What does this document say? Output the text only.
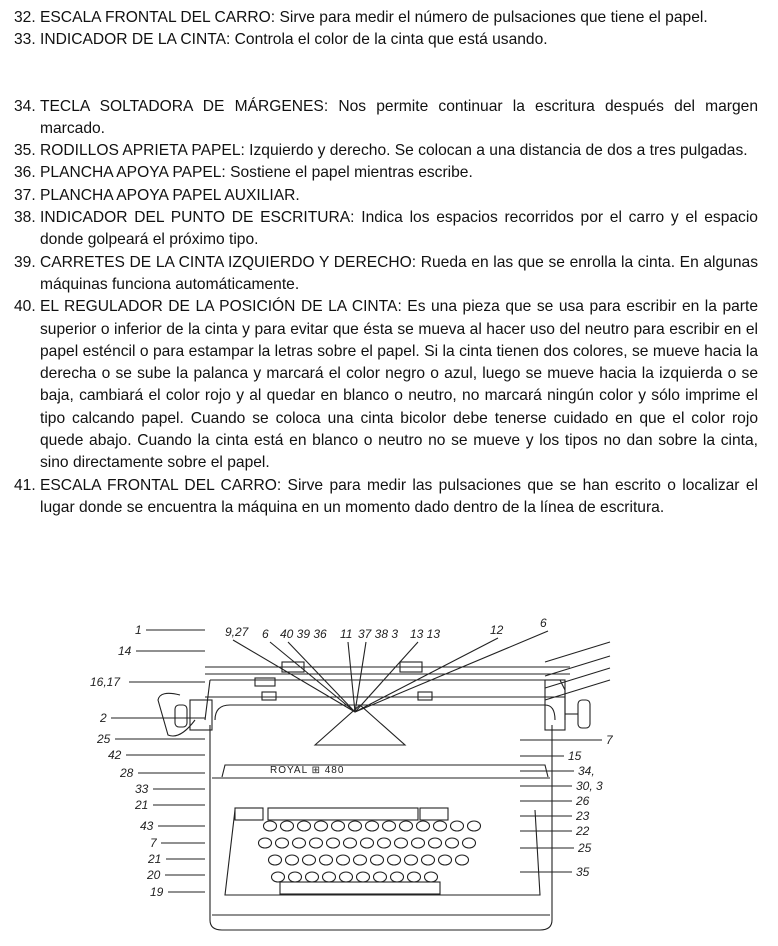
32. ESCALA FRONTAL DEL CARRO: Sirve para medir el número de pulsaciones que tiene el papel.
33. INDICADOR DE LA CINTA: Controla el color de la cinta que está usando.
34. TECLA SOLTADORA DE MÁRGENES: Nos permite continuar la escritura después del margen marcado.
35. RODILLOS APRIETA PAPEL: Izquierdo y derecho. Se colocan a una distancia de dos a tres pulgadas.
36. PLANCHA APOYA PAPEL: Sostiene el papel mientras escribe.
37. PLANCHA APOYA PAPEL AUXILIAR.
38. INDICADOR DEL PUNTO DE ESCRITURA: Indica los espacios recorridos por el carro y el espacio donde golpeará el próximo tipo.
39. CARRETES DE LA CINTA IZQUIERDO Y DERECHO: Rueda en las que se enrolla la cinta. En algunas máquinas funciona automáticamente.
40. EL REGULADOR DE LA POSICIÓN DE LA CINTA: Es una pieza que se usa para escribir en la parte superior o inferior de la cinta y para evitar que ésta se mueva al hacer uso del neutro para escribir en el papel esténcil o para estampar la letras sobre el papel. Si la cinta tienen dos colores, se mueve hacia la derecha o se sube la palanca y marcará el color negro o azul, luego se mueve hacia la izquierda o se baja, cambiará el color rojo y al quedar en blanco o neutro, no marcará ningún color y sólo imprime el tipo calcando papel. Cuando se coloca una cinta bicolor debe tenerse cuidado en que el color rojo quede abajo. Cuando la cinta está en blanco o neutro no se mueve y los tipos no dan sobre la cinta, sino directamente sobre el papel.
41. ESCALA FRONTAL DEL CARRO: Sirve para medir las pulsaciones que se han escrito o localizar el lugar donde se encuentra la máquina en un momento dado dentro de la línea de escritura.
ROYAL ⊞ 480
1
14
16,17
2
25
42
28
33
21
43
7
21
20
19
9,27 6 40 39 36 11 37 38 3 13 13	12	6
7
15
34,
30, 3
26
23
22
25
35
